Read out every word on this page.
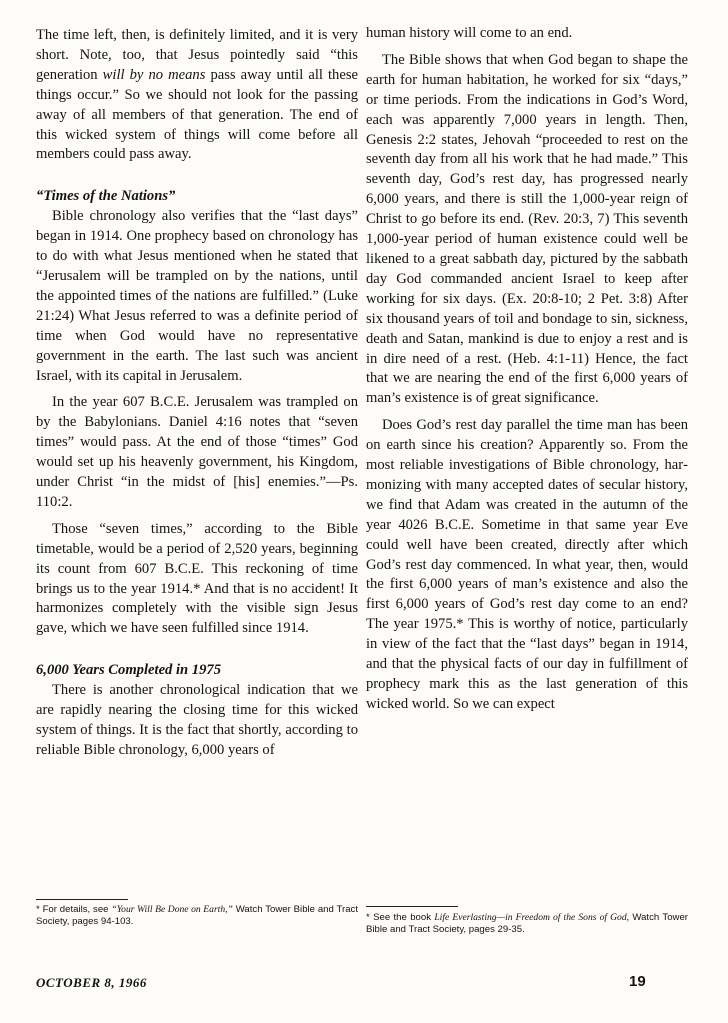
The time left, then, is definitely limited, and it is very short. Note, too, that Jesus pointedly said “this generation will by no means pass away until all these things occur.” So we should not look for the passing away of all members of that generation. The end of this wicked system of things will come before all members could pass away.

“Times of the Nations”

Bible chronology also verifies that the “last days” began in 1914. One prophecy based on chronology has to do with what Jesus mentioned when he stated that “Jerusalem will be trampled on by the nations, until the appointed times of the nations are fulfilled.” (Luke 21:24) What Jesus referred to was a definite period of time when God would have no representative government in the earth. The last such was ancient Israel, with its capital in Jerusalem.

In the year 607 B.C.E. Jerusalem was trampled on by the Babylonians. Daniel 4:16 notes that “seven times” would pass. At the end of those “times” God would set up his heavenly government, his Kingdom, under Christ “in the midst of [his] enemies.”—Ps. 110:2.

Those “seven times,” according to the Bible timetable, would be a period of 2,520 years, beginning its count from 607 B.C.E. This reckoning of time brings us to the year 1914.* And that is no accident! It harmonizes completely with the visible sign Jesus gave, which we have seen fulfilled since 1914.

6,000 Years Completed in 1975

There is another chronological indication that we are rapidly nearing the closing time for this wicked system of things. It is the fact that shortly, according to reliable Bible chronology, 6,000 years of

human history will come to an end.

The Bible shows that when God began to shape the earth for human habitation, he worked for six “days,” or time periods. From the indications in God’s Word, each was apparently 7,000 years in length. Then, Genesis 2:2 states, Jehovah “proceeded to rest on the seventh day from all his work that he had made.” This seventh day, God’s rest day, has progressed nearly 6,000 years, and there is still the 1,000-year reign of Christ to go before its end. (Rev. 20:3, 7) This seventh 1,000-year period of human existence could well be likened to a great sabbath day, pictured by the sabbath day God commanded ancient Israel to keep after working for six days. (Ex. 20:8-10; 2 Pet. 3:8) After six thousand years of toil and bondage to sin, sickness, death and Satan, mankind is due to enjoy a rest and is in dire need of a rest. (Heb. 4:1-11) Hence, the fact that we are nearing the end of the first 6,000 years of man’s existence is of great significance.

Does God’s rest day parallel the time man has been on earth since his creation? Apparently so. From the most reliable investigations of Bible chronology, harmonizing with many accepted dates of secular history, we find that Adam was created in the autumn of the year 4026 B.C.E. Sometime in that same year Eve could well have been created, directly after which God’s rest day commenced. In what year, then, would the first 6,000 years of man’s existence and also the first 6,000 years of God’s rest day come to an end? The year 1975.* This is worthy of notice, particularly in view of the fact that the “last days” began in 1914, and that the physical facts of our day in fulfillment of prophecy mark this as the last generation of this wicked world. So we can expect

* For details, see “Your Will Be Done on Earth,” Watch Tower Bible and Tract Society, pages 94-103.	* See the book Life Everlasting—in Freedom of the Sons of God, Watch Tower Bible and Tract Society, pages 29-35.
OCTOBER 8, 1966	19
